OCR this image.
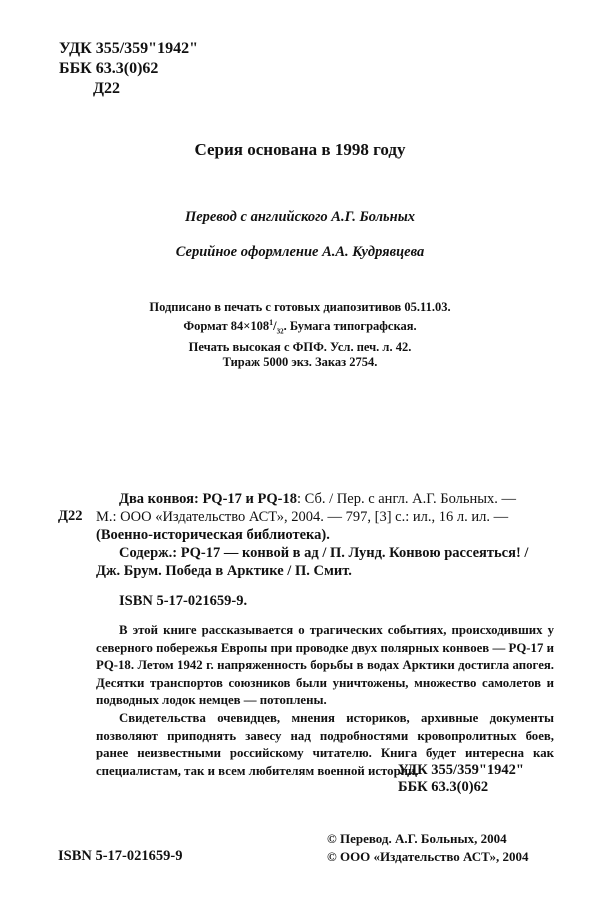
УДК 355/359"1942"
ББК 63.3(0)62
Д22
Серия основана в 1998 году
Перевод с английского А.Г. Больных
Серийное оформление А.А. Кудрявцева
Подписано в печать с готовых диапозитивов 05.11.03.
Формат $84\times 108^1/_{32}$. Бумага типографская.
Печать высокая с ФПФ. Усл. печ. л. 42.
Тираж 5000 экз. Заказ 2754.
Д22
Два конвоя: PQ-17 и PQ-18: Сб. / Пер. с англ. А.Г. Больных. —
М.: ООО «Издательство АСТ», 2004. — 797, [3] с.: ил., 16 л. ил. —
(Военно-историческая библиотека).
Содерж.: PQ-17 — конвой в ад / П. Лунд. Конвою рассеяться! /
Дж. Брум. Победа в Арктике / П. Смит.
ISBN 5-17-021659-9.

В этой книге рассказывается о трагических событиях, происходивших у северного побережья Европы при проводке двух полярных конвоев — PQ-17 и PQ-18. Летом 1942 г. напряженность борьбы в водах Арктики достигла апогея. Десятки транспортов союзников были уничтожены, множество самолетов и подводных лодок немцев — потоплены.

Свидетельства очевидцев, мнения историков, архивные документы позволяют приподнять завесу над подробностями кровопролитных боев, ранее неизвестными российскому читателю. Книга будет интересна как специалистам, так и всем любителям военной истории.

УДК 355/359"1942"
ББК 63.3(0)62
ISBN 5-17-021659-9
© Перевод. А.Г. Больных, 2004
© ООО «Издательство АСТ», 2004
